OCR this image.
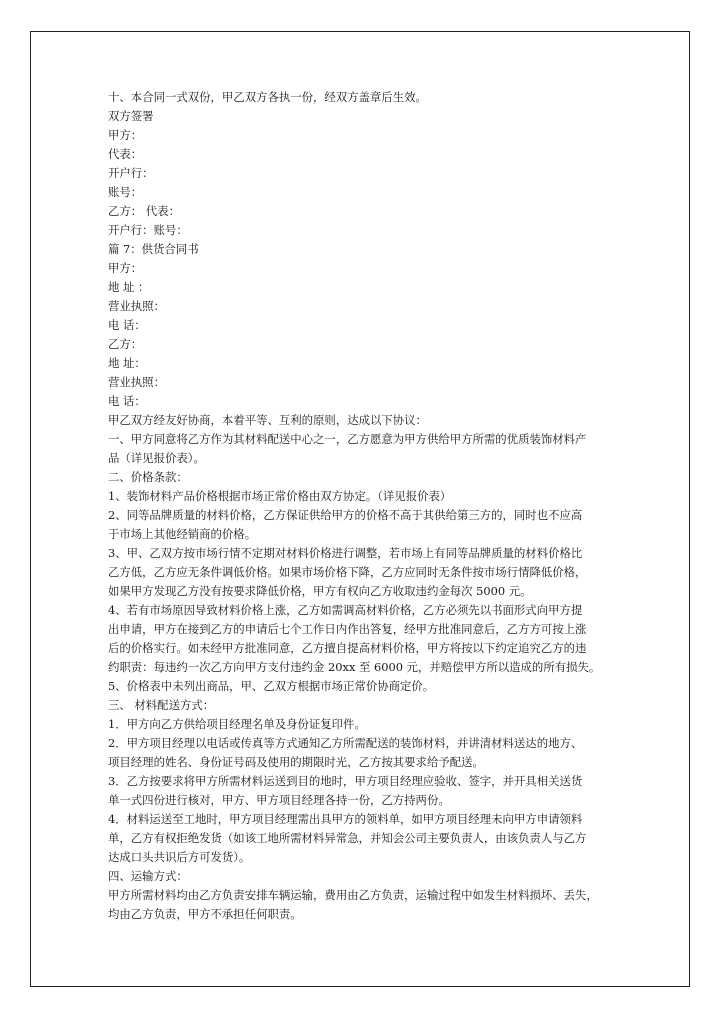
十、本合同一式双份，甲乙双方各执一份，经双方盖章后生效。
双方签署
甲方：
代表：
开户行：
账号：
乙方： 代表：
开户行：账号：
篇 7：供货合同书
甲方：
地 址 ：
营业执照：
电 话：
乙方：
地 址：
营业执照：
电 话：
甲乙双方经友好协商，本着平等、互利的原则，达成以下协议：
一、甲方同意将乙方作为其材料配送中心之一，乙方愿意为甲方供给甲方所需的优质装饰材料产
品（详见报价表）。
二、价格条款：
1、装饰材料产品价格根据市场正常价格由双方协定。（详见报价表）
2、同等品牌质量的材料价格，乙方保证供给甲方的价格不高于其供给第三方的，同时也不应高
于市场上其他经销商的价格。
3、甲、乙双方按市场行情不定期对材料价格进行调整，若市场上有同等品牌质量的材料价格比
乙方低，乙方应无条件调低价格。如果市场价格下降，乙方应同时无条件按市场行情降低价格，
如果甲方发现乙方没有按要求降低价格，甲方有权向乙方收取违约金每次 5000 元。
4、若有市场原因导致材料价格上涨，乙方如需调高材料价格，乙方必须先以书面形式向甲方提
出申请，甲方在接到乙方的申请后七个工作日内作出答复，经甲方批准同意后，乙方方可按上涨
后的价格实行。如未经甲方批准同意，乙方擅自提高材料价格，甲方将按以下约定追究乙方的违
约职责：每违约一次乙方向甲方支付违约金 20xx 至 6000 元，并赔偿甲方所以造成的所有损失。
5、价格表中未列出商品，甲、乙双方根据市场正常价协商定价。
三、 材料配送方式：
1．甲方向乙方供给项目经理名单及身份证复印件。
2．甲方项目经理以电话或传真等方式通知乙方所需配送的装饰材料，并讲清材料送达的地方、
项目经理的姓名、身份证号码及使用的期限时光，乙方按其要求给予配送。
3．乙方按要求将甲方所需材料运送到目的地时，甲方项目经理应验收、签字，并开具相关送货
单一式四份进行核对，甲方、甲方项目经理各持一份，乙方持两份。
4．材料运送至工地时，甲方项目经理需出具甲方的领料单，如甲方项目经理未向甲方申请领料
单，乙方有权拒绝发货（如该工地所需材料异常急，并知会公司主要负责人，由该负责人与乙方
达成口头共识后方可发货）。
四、运输方式：
甲方所需材料均由乙方负责安排车辆运输，费用由乙方负责，运输过程中如发生材料损坏、丢失，
均由乙方负责，甲方不承担任何职责。
